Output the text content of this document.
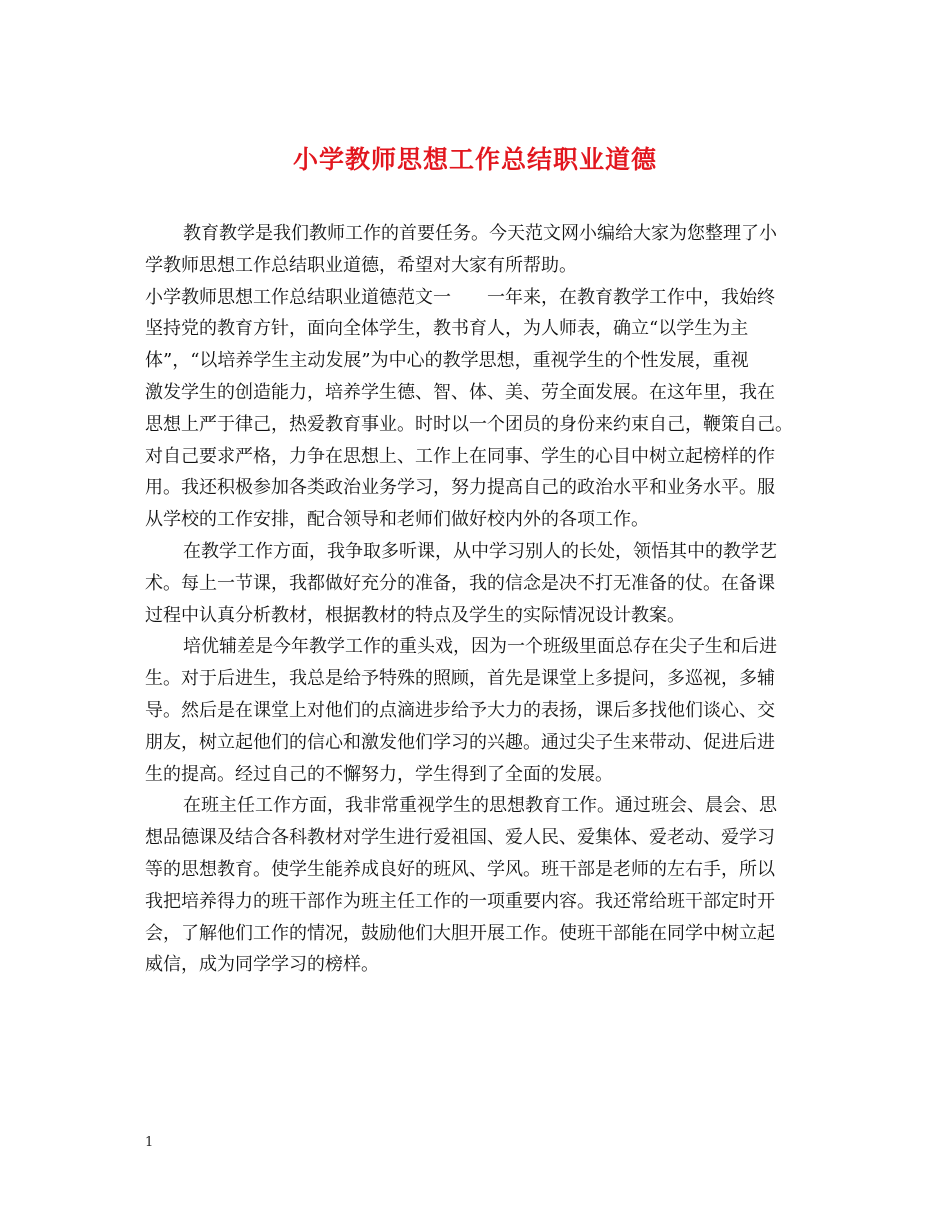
小学教师思想工作总结职业道德
教育教学是我们教师工作的首要任务。今天范文网小编给大家为您整理了小
学教师思想工作总结职业道德，希望对大家有所帮助。
小学教师思想工作总结职业道德范文一　　一年来，在教育教学工作中，我始终
坚持党的教育方针，面向全体学生，教书育人，为人师表，确立“以学生为主
体”，“以培养学生主动发展”为中心的教学思想，重视学生的个性发展，重视
激发学生的创造能力，培养学生德、智、体、美、劳全面发展。在这年里，我在
思想上严于律己，热爱教育事业。时时以一个团员的身份来约束自己，鞭策自己。
对自己要求严格，力争在思想上、工作上在同事、学生的心目中树立起榜样的作
用。我还积极参加各类政治业务学习，努力提高自己的政治水平和业务水平。服
从学校的工作安排，配合领导和老师们做好校内外的各项工作。
在教学工作方面，我争取多听课，从中学习别人的长处，领悟其中的教学艺
术。每上一节课，我都做好充分的准备，我的信念是决不打无准备的仗。在备课
过程中认真分析教材，根据教材的特点及学生的实际情况设计教案。
培优辅差是今年教学工作的重头戏，因为一个班级里面总存在尖子生和后进
生。对于后进生，我总是给予特殊的照顾，首先是课堂上多提问，多巡视，多辅
导。然后是在课堂上对他们的点滴进步给予大力的表扬，课后多找他们谈心、交
朋友，树立起他们的信心和激发他们学习的兴趣。通过尖子生来带动、促进后进
生的提高。经过自己的不懈努力，学生得到了全面的发展。
在班主任工作方面，我非常重视学生的思想教育工作。通过班会、晨会、思
想品德课及结合各科教材对学生进行爱祖国、爱人民、爱集体、爱老动、爱学习
等的思想教育。使学生能养成良好的班风、学风。班干部是老师的左右手，所以
我把培养得力的班干部作为班主任工作的一项重要内容。我还常给班干部定时开
会，了解他们工作的情况，鼓励他们大胆开展工作。使班干部能在同学中树立起
威信，成为同学学习的榜样。
1
